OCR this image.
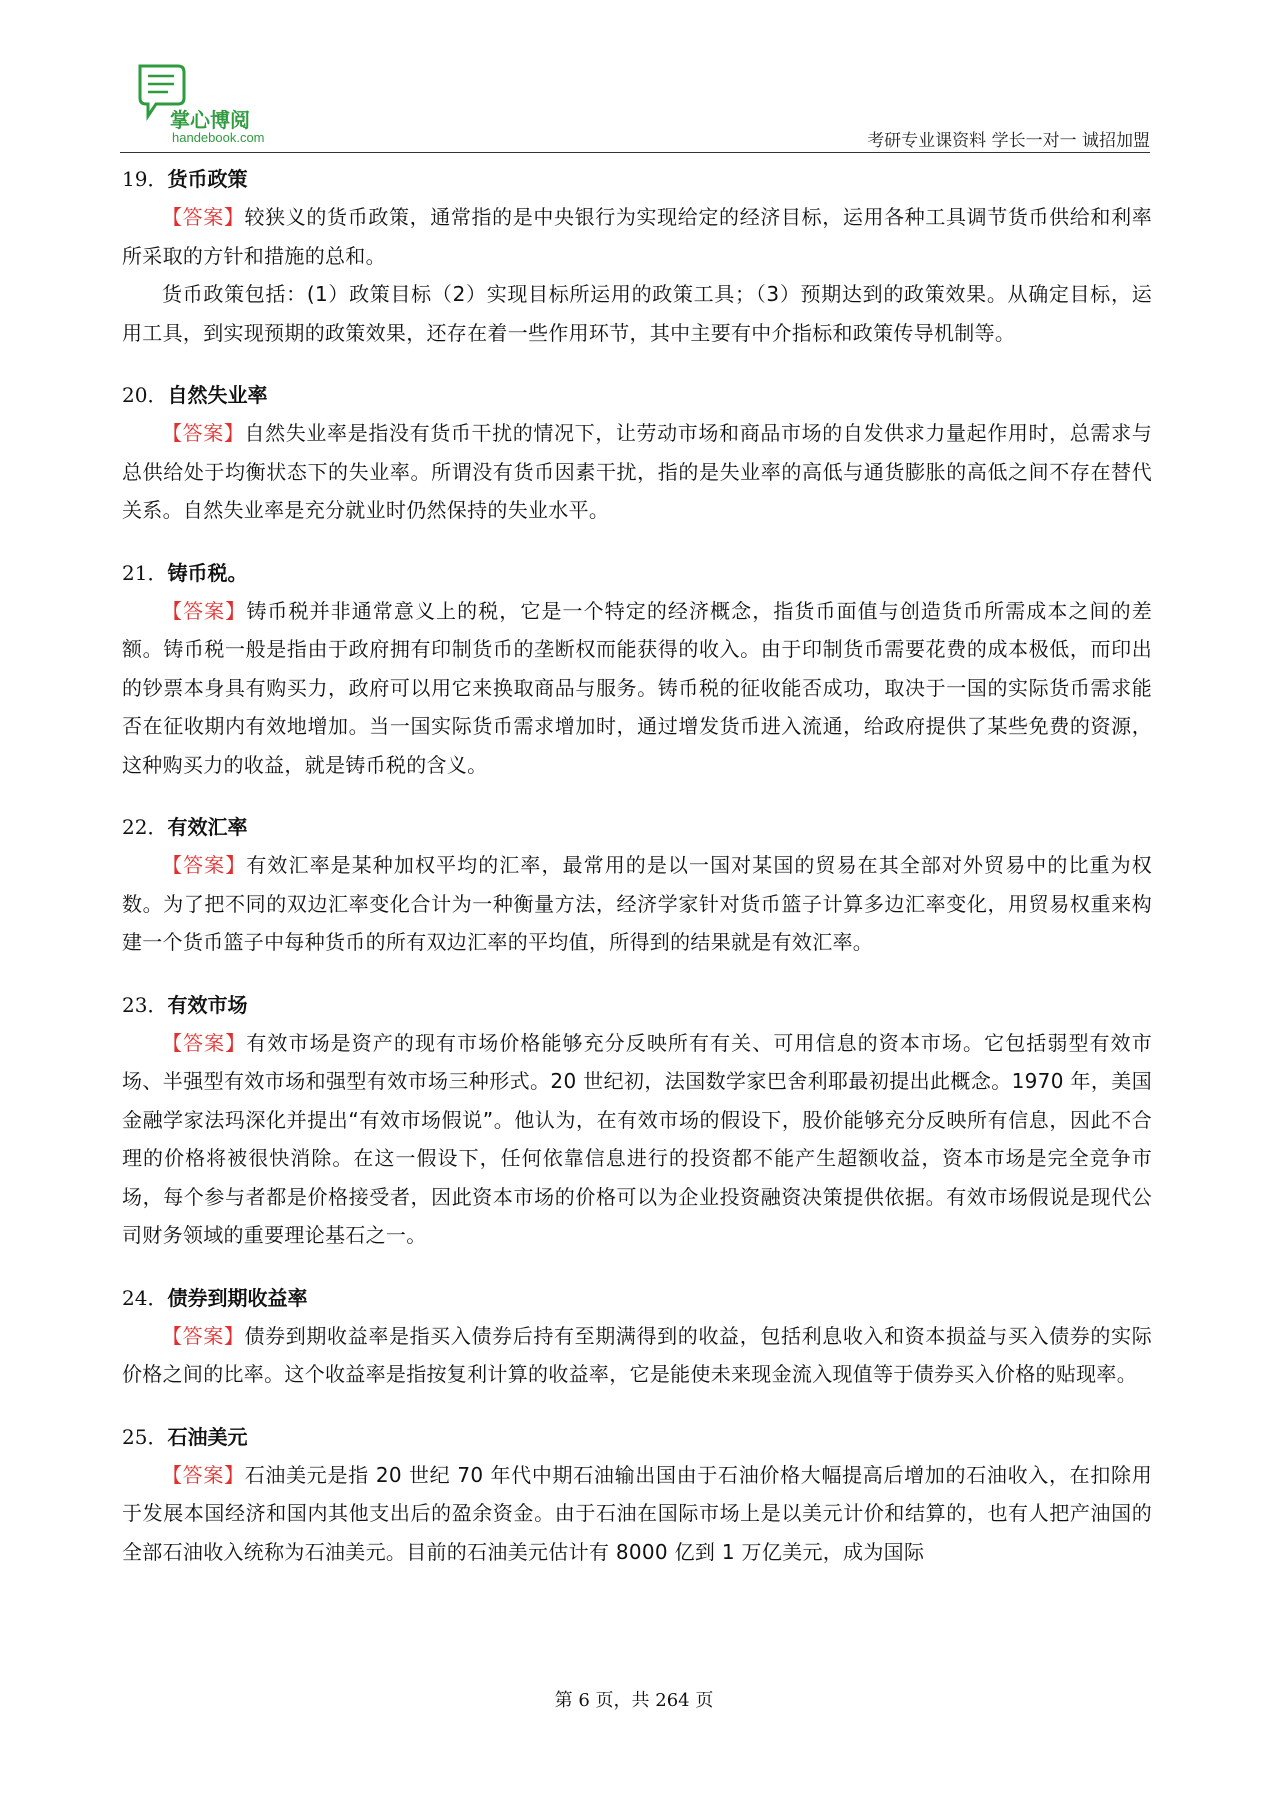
掌心博阅
handebook.com	考研专业课资料 学长一对一 诚招加盟
19．货币政策
【答案】较狭义的货币政策，通常指的是中央银行为实现给定的经济目标，运用各种工具调节货币供给和利率所采取的方针和措施的总和。
货币政策包括：(1）政策目标（2）实现目标所运用的政策工具；（3）预期达到的政策效果。从确定目标，运用工具，到实现预期的政策效果，还存在着一些作用环节，其中主要有中介指标和政策传导机制等。
20．自然失业率
【答案】自然失业率是指没有货币干扰的情况下，让劳动市场和商品市场的自发供求力量起作用时，总需求与总供给处于均衡状态下的失业率。所谓没有货币因素干扰，指的是失业率的高低与通货膨胀的高低之间不存在替代关系。自然失业率是充分就业时仍然保持的失业水平。
21．铸币税。
【答案】铸币税并非通常意义上的税，它是一个特定的经济概念，指货币面值与创造货币所需成本之间的差额。铸币税一般是指由于政府拥有印制货币的垄断权而能获得的收入。由于印制货币需要花费的成本极低，而印出的钞票本身具有购买力，政府可以用它来换取商品与服务。铸币税的征收能否成功，取决于一国的实际货币需求能否在征收期内有效地增加。当一国实际货币需求增加时，通过增发货币进入流通，给政府提供了某些免费的资源，这种购买力的收益，就是铸币税的含义。
22．有效汇率
【答案】有效汇率是某种加权平均的汇率，最常用的是以一国对某国的贸易在其全部对外贸易中的比重为权数。为了把不同的双边汇率变化合计为一种衡量方法，经济学家针对货币篮子计算多边汇率变化，用贸易权重来构建一个货币篮子中每种货币的所有双边汇率的平均值，所得到的结果就是有效汇率。
23．有效市场
【答案】有效市场是资产的现有市场价格能够充分反映所有有关、可用信息的资本市场。它包括弱型有效市场、半强型有效市场和强型有效市场三种形式。20 世纪初，法国数学家巴舍利耶最初提出此概念。1970 年，美国金融学家法玛深化并提出“有效市场假说”。他认为，在有效市场的假设下，股价能够充分反映所有信息，因此不合理的价格将被很快消除。在这一假设下，任何依靠信息进行的投资都不能产生超额收益，资本市场是完全竞争市场，每个参与者都是价格接受者，因此资本市场的价格可以为企业投资融资决策提供依据。有效市场假说是现代公司财务领域的重要理论基石之一。
24．债券到期收益率
【答案】债券到期收益率是指买入债券后持有至期满得到的收益，包括利息收入和资本损益与买入债券的实际价格之间的比率。这个收益率是指按复利计算的收益率，它是能使未来现金流入现值等于债券买入价格的贴现率。
25．石油美元
【答案】石油美元是指 20 世纪 70 年代中期石油输出国由于石油价格大幅提高后增加的石油收入，在扣除用于发展本国经济和国内其他支出后的盈余资金。由于石油在国际市场上是以美元计价和结算的，也有人把产油国的全部石油收入统称为石油美元。目前的石油美元估计有 8000 亿到 1 万亿美元，成为国际
第 6 页，共 264 页
